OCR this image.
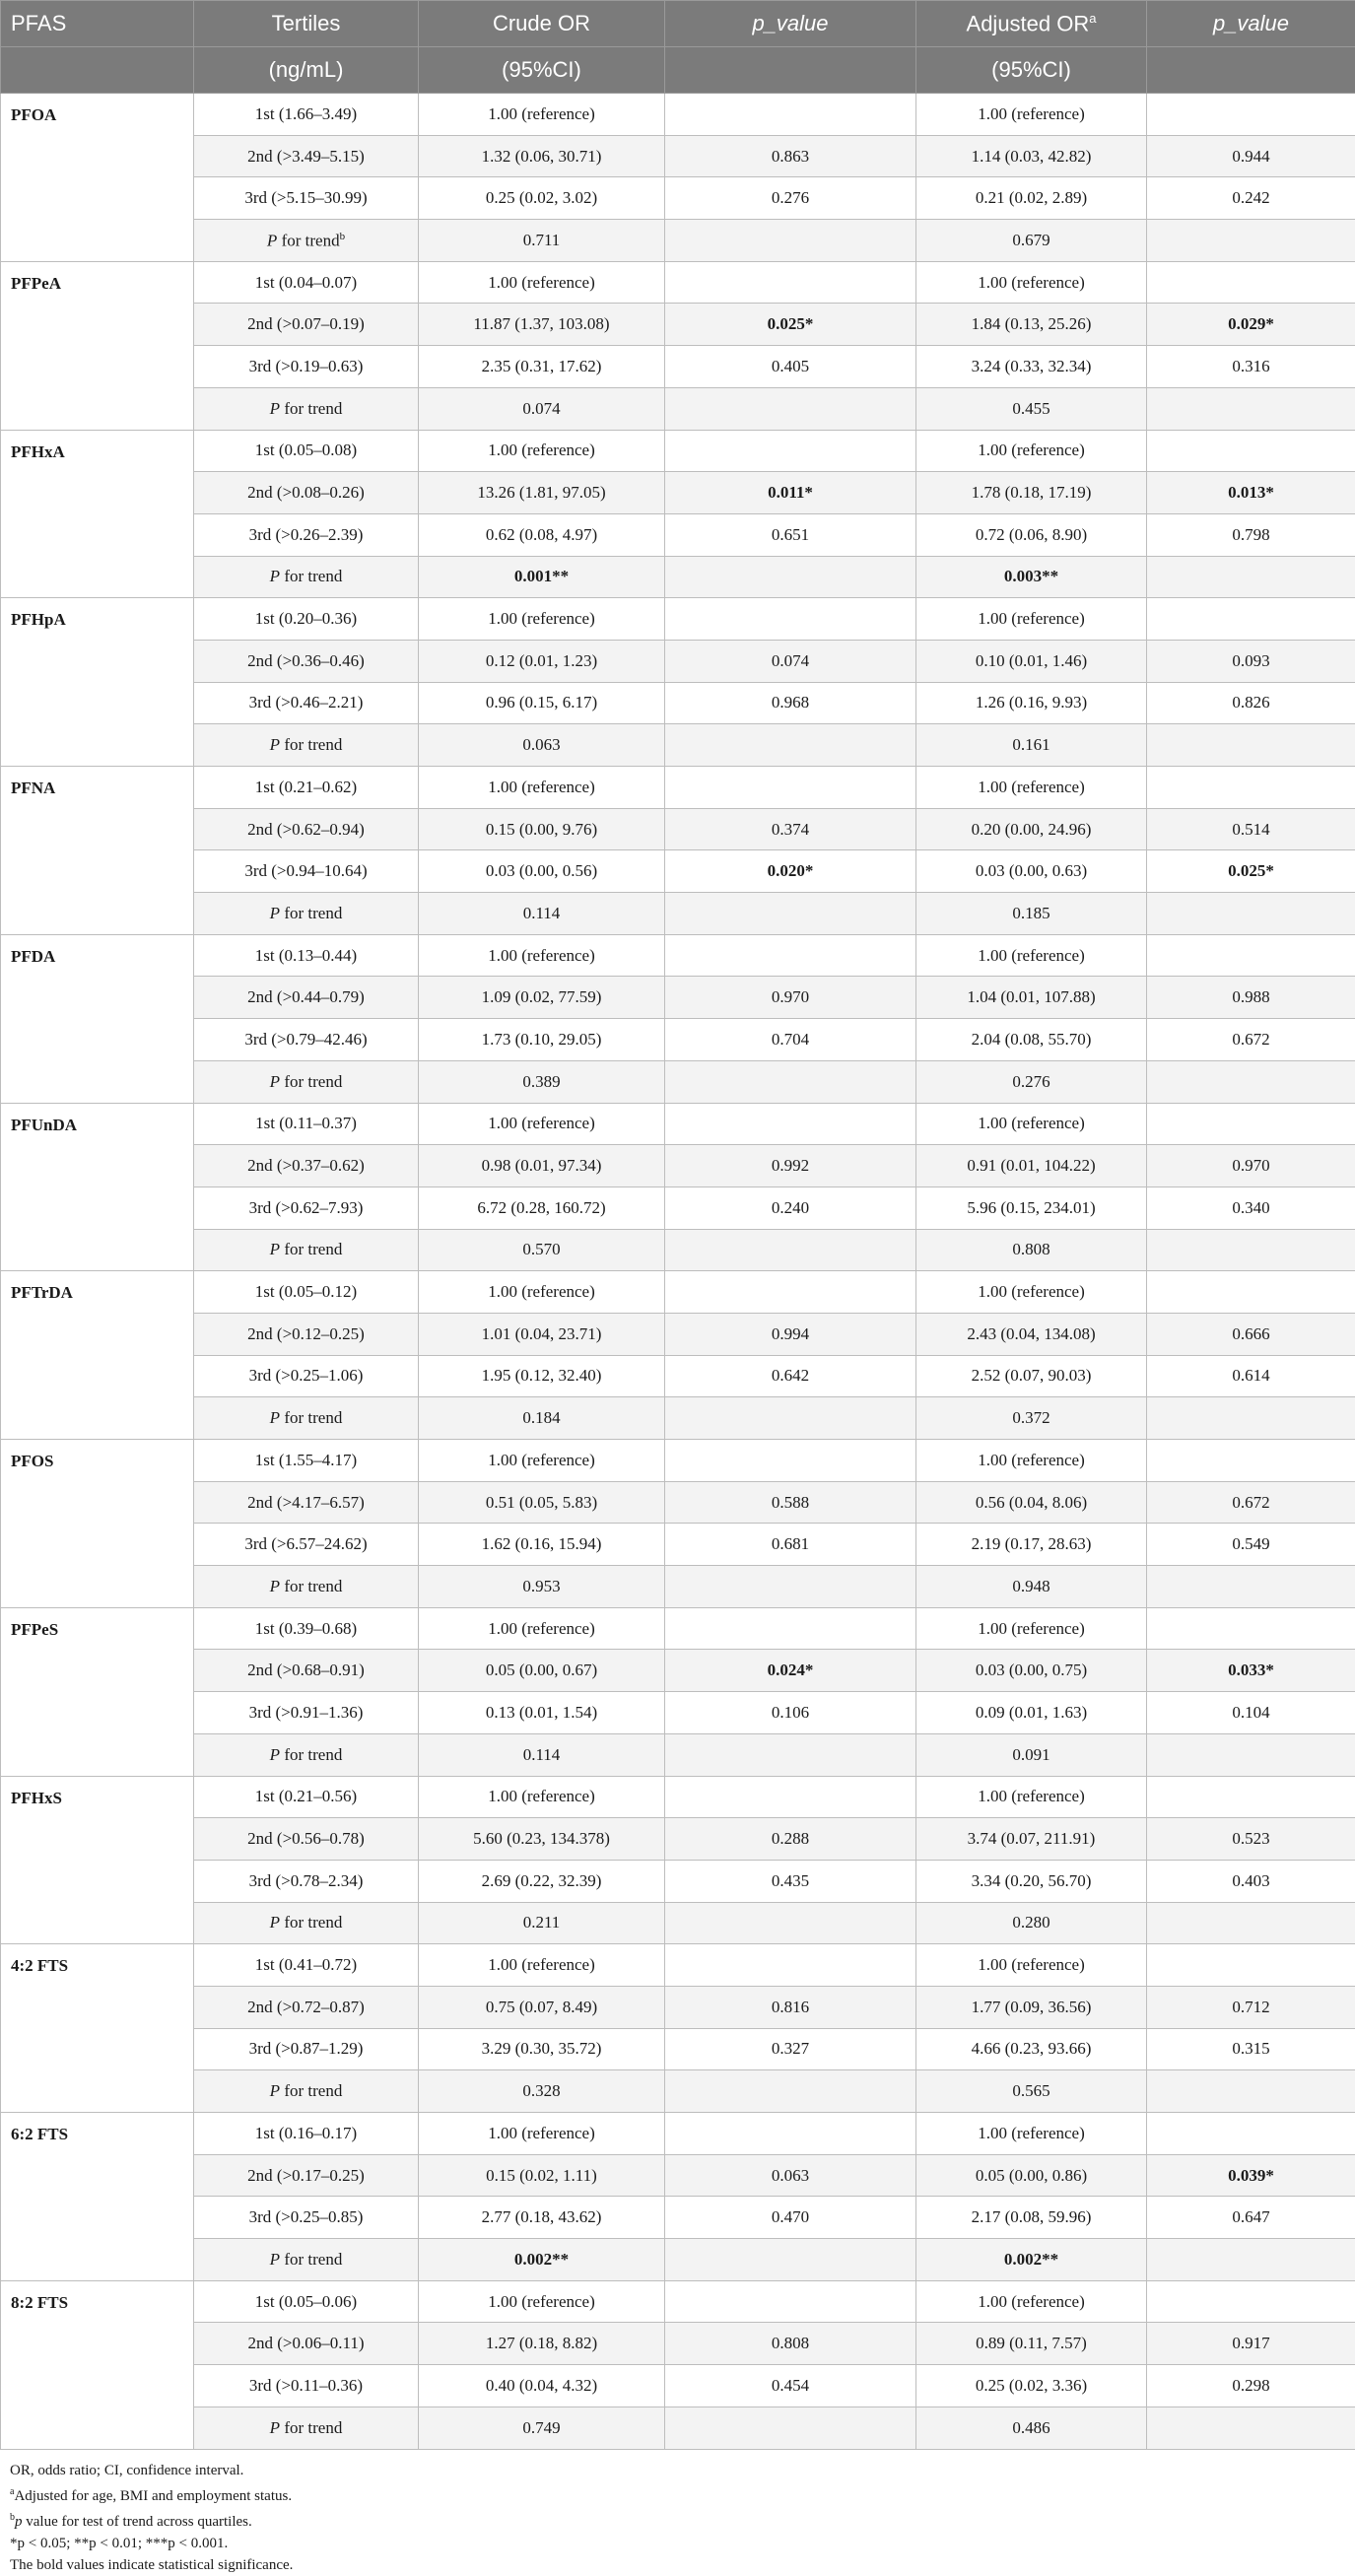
PFAS	Tertiles	Crude OR	p_value	Adjusted $OR^a$	p_value
	(ng/mL)	(95%CI)		(95%CI)	
PFOA	1st (1.66–3.49)	1.00 (reference)		1.00 (reference)	
	2nd (>3.49–5.15)	1.32 (0.06, 30.71)	0.863	1.14 (0.03, 42.82)	0.944
	3rd (>5.15–30.99)	0.25 (0.02, 3.02)	0.276	0.21 (0.02, 2.89)	0.242
	P for trend$^b$	0.711		0.679	
PFPeA	1st (0.04–0.07)	1.00 (reference)		1.00 (reference)	
	2nd (>0.07–0.19)	11.87 (1.37, 103.08)	0.025*	1.84 (0.13, 25.26)	0.029*
	3rd (>0.19–0.63)	2.35 (0.31, 17.62)	0.405	3.24 (0.33, 32.34)	0.316
	P for trend	0.074		0.455	
PFHxA	1st (0.05–0.08)	1.00 (reference)		1.00 (reference)	
	2nd (>0.08–0.26)	13.26 (1.81, 97.05)	0.011*	1.78 (0.18, 17.19)	0.013*
	3rd (>0.26–2.39)	0.62 (0.08, 4.97)	0.651	0.72 (0.06, 8.90)	0.798
	P for trend	0.001**		0.003**	
PFHpA	1st (0.20–0.36)	1.00 (reference)		1.00 (reference)	
	2nd (>0.36–0.46)	0.12 (0.01, 1.23)	0.074	0.10 (0.01, 1.46)	0.093
	3rd (>0.46–2.21)	0.96 (0.15, 6.17)	0.968	1.26 (0.16, 9.93)	0.826
	P for trend	0.063		0.161	
PFNA	1st (0.21–0.62)	1.00 (reference)		1.00 (reference)	
	2nd (>0.62–0.94)	0.15 (0.00, 9.76)	0.374	0.20 (0.00, 24.96)	0.514
	3rd (>0.94–10.64)	0.03 (0.00, 0.56)	0.020*	0.03 (0.00, 0.63)	0.025*
	P for trend	0.114		0.185	
PFDA	1st (0.13–0.44)	1.00 (reference)		1.00 (reference)	
	2nd (>0.44–0.79)	1.09 (0.02, 77.59)	0.970	1.04 (0.01, 107.88)	0.988
	3rd (>0.79–42.46)	1.73 (0.10, 29.05)	0.704	2.04 (0.08, 55.70)	0.672
	P for trend	0.389		0.276	
PFUnDA	1st (0.11–0.37)	1.00 (reference)		1.00 (reference)	
	2nd (>0.37–0.62)	0.98 (0.01, 97.34)	0.992	0.91 (0.01, 104.22)	0.970
	3rd (>0.62–7.93)	6.72 (0.28, 160.72)	0.240	5.96 (0.15, 234.01)	0.340
	P for trend	0.570		0.808	
PFTrDA	1st (0.05–0.12)	1.00 (reference)		1.00 (reference)	
	2nd (>0.12–0.25)	1.01 (0.04, 23.71)	0.994	2.43 (0.04, 134.08)	0.666
	3rd (>0.25–1.06)	1.95 (0.12, 32.40)	0.642	2.52 (0.07, 90.03)	0.614
	P for trend	0.184		0.372	
PFOS	1st (1.55–4.17)	1.00 (reference)		1.00 (reference)	
	2nd (>4.17–6.57)	0.51 (0.05, 5.83)	0.588	0.56 (0.04, 8.06)	0.672
	3rd (>6.57–24.62)	1.62 (0.16, 15.94)	0.681	2.19 (0.17, 28.63)	0.549
	P for trend	0.953		0.948	
PFPeS	1st (0.39–0.68)	1.00 (reference)		1.00 (reference)	
	2nd (>0.68–0.91)	0.05 (0.00, 0.67)	0.024*	0.03 (0.00, 0.75)	0.033*
	3rd (>0.91–1.36)	0.13 (0.01, 1.54)	0.106	0.09 (0.01, 1.63)	0.104
	P for trend	0.114		0.091	
PFHxS	1st (0.21–0.56)	1.00 (reference)		1.00 (reference)	
	2nd (>0.56–0.78)	5.60 (0.23, 134.378)	0.288	3.74 (0.07, 211.91)	0.523
	3rd (>0.78–2.34)	2.69 (0.22, 32.39)	0.435	3.34 (0.20, 56.70)	0.403
	P for trend	0.211		0.280	
4:2 FTS	1st (0.41–0.72)	1.00 (reference)		1.00 (reference)	
	2nd (>0.72–0.87)	0.75 (0.07, 8.49)	0.816	1.77 (0.09, 36.56)	0.712
	3rd (>0.87–1.29)	3.29 (0.30, 35.72)	0.327	4.66 (0.23, 93.66)	0.315
	P for trend	0.328		0.565	
6:2 FTS	1st (0.16–0.17)	1.00 (reference)		1.00 (reference)	
	2nd (>0.17–0.25)	0.15 (0.02, 1.11)	0.063	0.05 (0.00, 0.86)	0.039*
	3rd (>0.25–0.85)	2.77 (0.18, 43.62)	0.470	2.17 (0.08, 59.96)	0.647
	P for trend	0.002**		0.002**	
8:2 FTS	1st (0.05–0.06)	1.00 (reference)		1.00 (reference)	
	2nd (>0.06–0.11)	1.27 (0.18, 8.82)	0.808	0.89 (0.11, 7.57)	0.917
	3rd (>0.11–0.36)	0.40 (0.04, 4.32)	0.454	0.25 (0.02, 3.36)	0.298
	P for trend	0.749		0.486	
OR, odds ratio; CI, confidence interval.
$^a$Adjusted for age, BMI and employment status.
$^b$p value for test of trend across quartiles.
*p < 0.05; **p < 0.01; ***p < 0.001.
The bold values indicate statistical significance.
